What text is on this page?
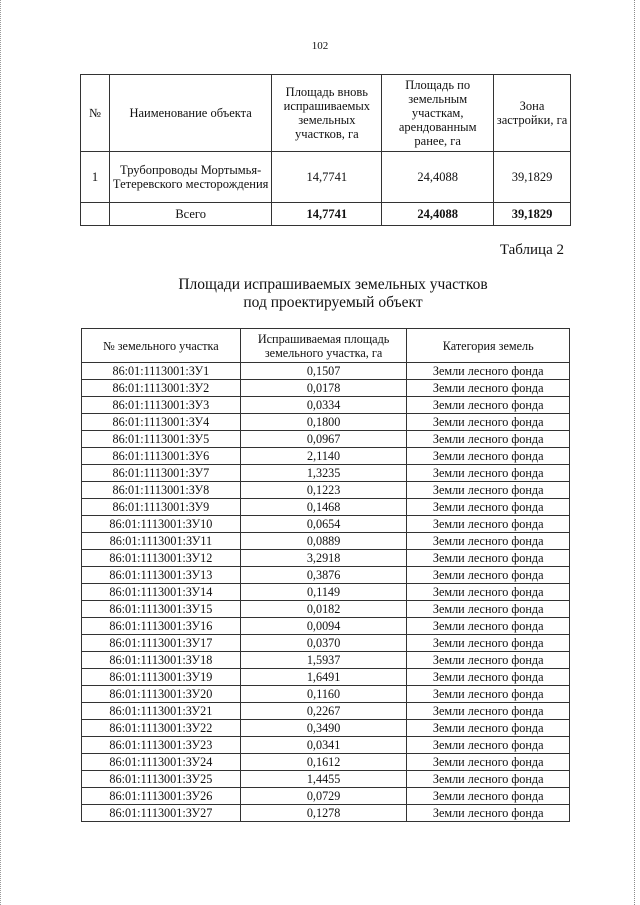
102
№	Наименование объекта	Площадь вновь испрашиваемых земельных участков, га	Площадь по земельным участкам, арендованным ранее, га	Зона застройки, га
1	Трубопроводы Мортымья-Тетеревского месторождения	14,7741	24,4088	39,1829
	Всего	14,7741	24,4088	39,1829
Таблица 2
Площади испрашиваемых земельных участков
под проектируемый объект
№ земельного участка	Испрашиваемая площадь земельного участка, га	Категория земель
86:01:1113001:ЗУ1	0,1507	Земли лесного фонда
86:01:1113001:ЗУ2	0,0178	Земли лесного фонда
86:01:1113001:ЗУ3	0,0334	Земли лесного фонда
86:01:1113001:ЗУ4	0,1800	Земли лесного фонда
86:01:1113001:ЗУ5	0,0967	Земли лесного фонда
86:01:1113001:ЗУ6	2,1140	Земли лесного фонда
86:01:1113001:ЗУ7	1,3235	Земли лесного фонда
86:01:1113001:ЗУ8	0,1223	Земли лесного фонда
86:01:1113001:ЗУ9	0,1468	Земли лесного фонда
86:01:1113001:ЗУ10	0,0654	Земли лесного фонда
86:01:1113001:ЗУ11	0,0889	Земли лесного фонда
86:01:1113001:ЗУ12	3,2918	Земли лесного фонда
86:01:1113001:ЗУ13	0,3876	Земли лесного фонда
86:01:1113001:ЗУ14	0,1149	Земли лесного фонда
86:01:1113001:ЗУ15	0,0182	Земли лесного фонда
86:01:1113001:ЗУ16	0,0094	Земли лесного фонда
86:01:1113001:ЗУ17	0,0370	Земли лесного фонда
86:01:1113001:ЗУ18	1,5937	Земли лесного фонда
86:01:1113001:ЗУ19	1,6491	Земли лесного фонда
86:01:1113001:ЗУ20	0,1160	Земли лесного фонда
86:01:1113001:ЗУ21	0,2267	Земли лесного фонда
86:01:1113001:ЗУ22	0,3490	Земли лесного фонда
86:01:1113001:ЗУ23	0,0341	Земли лесного фонда
86:01:1113001:ЗУ24	0,1612	Земли лесного фонда
86:01:1113001:ЗУ25	1,4455	Земли лесного фонда
86:01:1113001:ЗУ26	0,0729	Земли лесного фонда
86:01:1113001:ЗУ27	0,1278	Земли лесного фонда
